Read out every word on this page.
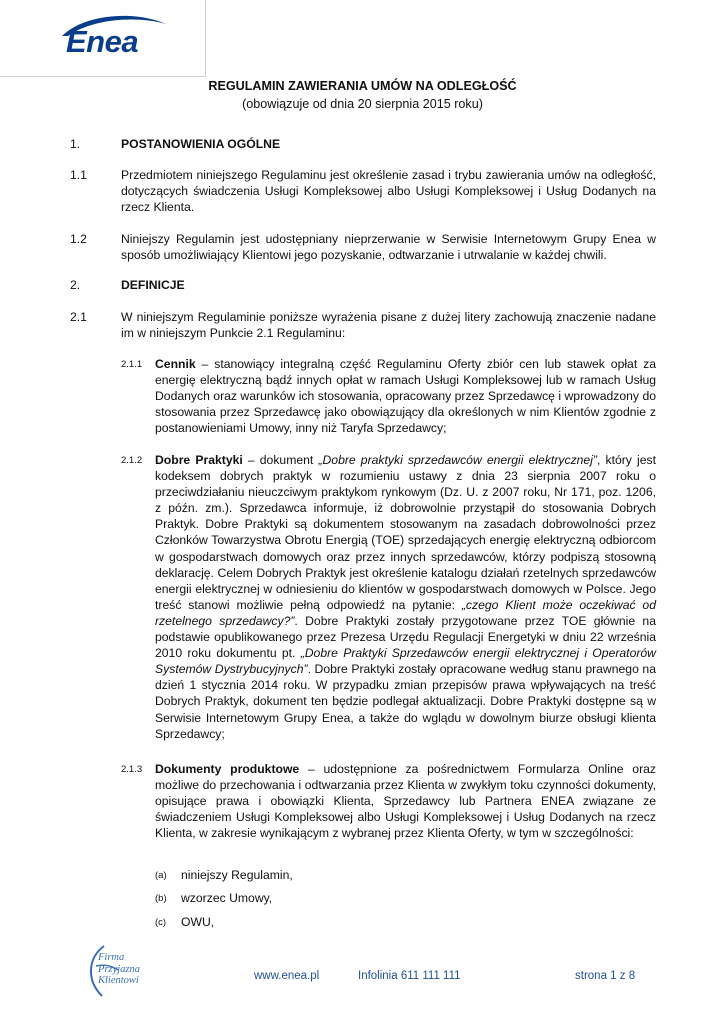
Enea
REGULAMIN ZAWIERANIA UMÓW NA ODLEGŁOŚĆ
(obowiązuje od dnia 20 sierpnia 2015 roku)
1.	POSTANOWIENIA OGÓLNE
1.1	Przedmiotem niniejszego Regulaminu jest określenie zasad i trybu zawierania umów na odległość, dotyczących świadczenia Usługi Kompleksowej albo Usługi Kompleksowej i Usług Dodanych na rzecz Klienta.
1.2	Niniejszy Regulamin jest udostępniany nieprzerwanie w Serwisie Internetowym Grupy Enea w sposób umożliwiający Klientowi jego pozyskanie, odtwarzanie i utrwalanie w każdej chwili.
2.	DEFINICJE
2.1	W niniejszym Regulaminie poniższe wyrażenia pisane z dużej litery zachowują znaczenie nadane im w niniejszym Punkcie 2.1 Regulaminu:
2.1.1 Cennik – stanowiący integralną część Regulaminu Oferty zbiór cen lub stawek opłat za energię elektryczną bądź innych opłat w ramach Usługi Kompleksowej lub w ramach Usług Dodanych oraz warunków ich stosowania, opracowany przez Sprzedawcę i wprowadzony do stosowania przez Sprzedawcę jako obowiązujący dla określonych w nim Klientów zgodnie z postanowieniami Umowy, inny niż Taryfa Sprzedawcy;
2.1.2 Dobre Praktyki – dokument „Dobre praktyki sprzedawców energii elektrycznej”, który jest kodeksem dobrych praktyk w rozumieniu ustawy z dnia 23 sierpnia 2007 roku o przeciwdziałaniu nieuczciwym praktykom rynkowym (Dz. U. z 2007 roku, Nr 171, poz. 1206, z późn. zm.). Sprzedawca informuje, iż dobrowolnie przystąpił do stosowania Dobrych Praktyk. Dobre Praktyki są dokumentem stosowanym na zasadach dobrowolności przez Członków Towarzystwa Obrotu Energią (TOE) sprzedających energię elektryczną odbiorcom w gospodarstwach domowych oraz przez innych sprzedawców, którzy podpiszą stosowną deklarację. Celem Dobrych Praktyk jest określenie katalogu działań rzetelnych sprzedawców energii elektrycznej w odniesieniu do klientów w gospodarstwach domowych w Polsce. Jego treść stanowi możliwie pełną odpowiedź na pytanie: „czego Klient może oczekiwać od rzetelnego sprzedawcy?”. Dobre Praktyki zostały przygotowane przez TOE głównie na podstawie opublikowanego przez Prezesa Urzędu Regulacji Energetyki w dniu 22 września 2010 roku dokumentu pt. „Dobre Praktyki Sprzedawców energii elektrycznej i Operatorów Systemów Dystrybucyjnych”. Dobre Praktyki zostały opracowane według stanu prawnego na dzień 1 stycznia 2014 roku. W przypadku zmian przepisów prawa wpływających na treść Dobrych Praktyk, dokument ten będzie podlegał aktualizacji. Dobre Praktyki dostępne są w Serwisie Internetowym Grupy Enea, a także do wglądu w dowolnym biurze obsługi klienta Sprzedawcy;
2.1.3 Dokumenty produktowe – udostępnione za pośrednictwem Formularza Online oraz możliwe do przechowania i odtwarzania przez Klienta w zwykłym toku czynności dokumenty, opisujące prawa i obowiązki Klienta, Sprzedawcy lub Partnera ENEA związane ze świadczeniem Usługi Kompleksowej albo Usługi Kompleksowej i Usług Dodanych na rzecz Klienta, w zakresie wynikającym z wybranej przez Klienta Oferty, w tym w szczególności:
(a) niniejszy Regulamin,
(b) wzorzec Umowy,
(c) OWU,
Firma
Przyjazna
Klientowi	www.enea.pl	Infolinia 611 111 111	strona 1 z 8
